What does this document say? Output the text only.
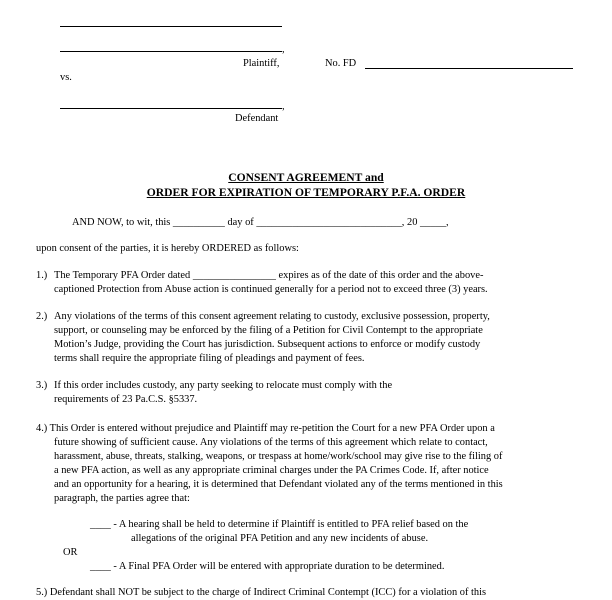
,
Plaintiff,	No. FD
vs.
,
Defendant
CONSENT AGREEMENT and
ORDER FOR EXPIRATION OF TEMPORARY P.F.A. ORDER
AND NOW, to wit, this __________ day of ____________________________, 20 _____,
upon consent of the parties, it is hereby ORDERED as follows:
1.) The Temporary PFA Order dated ________________ expires as of the date of this order and the above-
captioned Protection from Abuse action is continued generally for a period not to exceed three (3) years.
2.) Any violations of the terms of this consent agreement relating to custody, exclusive possession, property,
support, or counseling may be enforced by the filing of a Petition for Civil Contempt to the appropriate
Motion’s Judge, providing the Court has jurisdiction. Subsequent actions to enforce or modify custody
terms shall require the appropriate filing of pleadings and payment of fees.
3.) If this order includes custody, any party seeking to relocate must comply with the
requirements of 23 Pa.C.S. §5337.
4.) This Order is entered without prejudice and Plaintiff may re-petition the Court for a new PFA Order upon a
future showing of sufficient cause. Any violations of the terms of this agreement which relate to contact,
harassment, abuse, threats, stalking, weapons, or trespass at home/work/school may give rise to the filing of
a new PFA action, as well as any appropriate criminal charges under the PA Crimes Code. If, after notice
and an opportunity for a hearing, it is determined that Defendant violated any of the terms mentioned in this
paragraph, the parties agree that:
____ - A hearing shall be held to determine if Plaintiff is entitled to PFA relief based on the
allegations of the original PFA Petition and any new incidents of abuse.
OR
____ - A Final PFA Order will be entered with appropriate duration to be determined.
5.) Defendant shall NOT be subject to the charge of Indirect Criminal Contempt (ICC) for a violation of this
